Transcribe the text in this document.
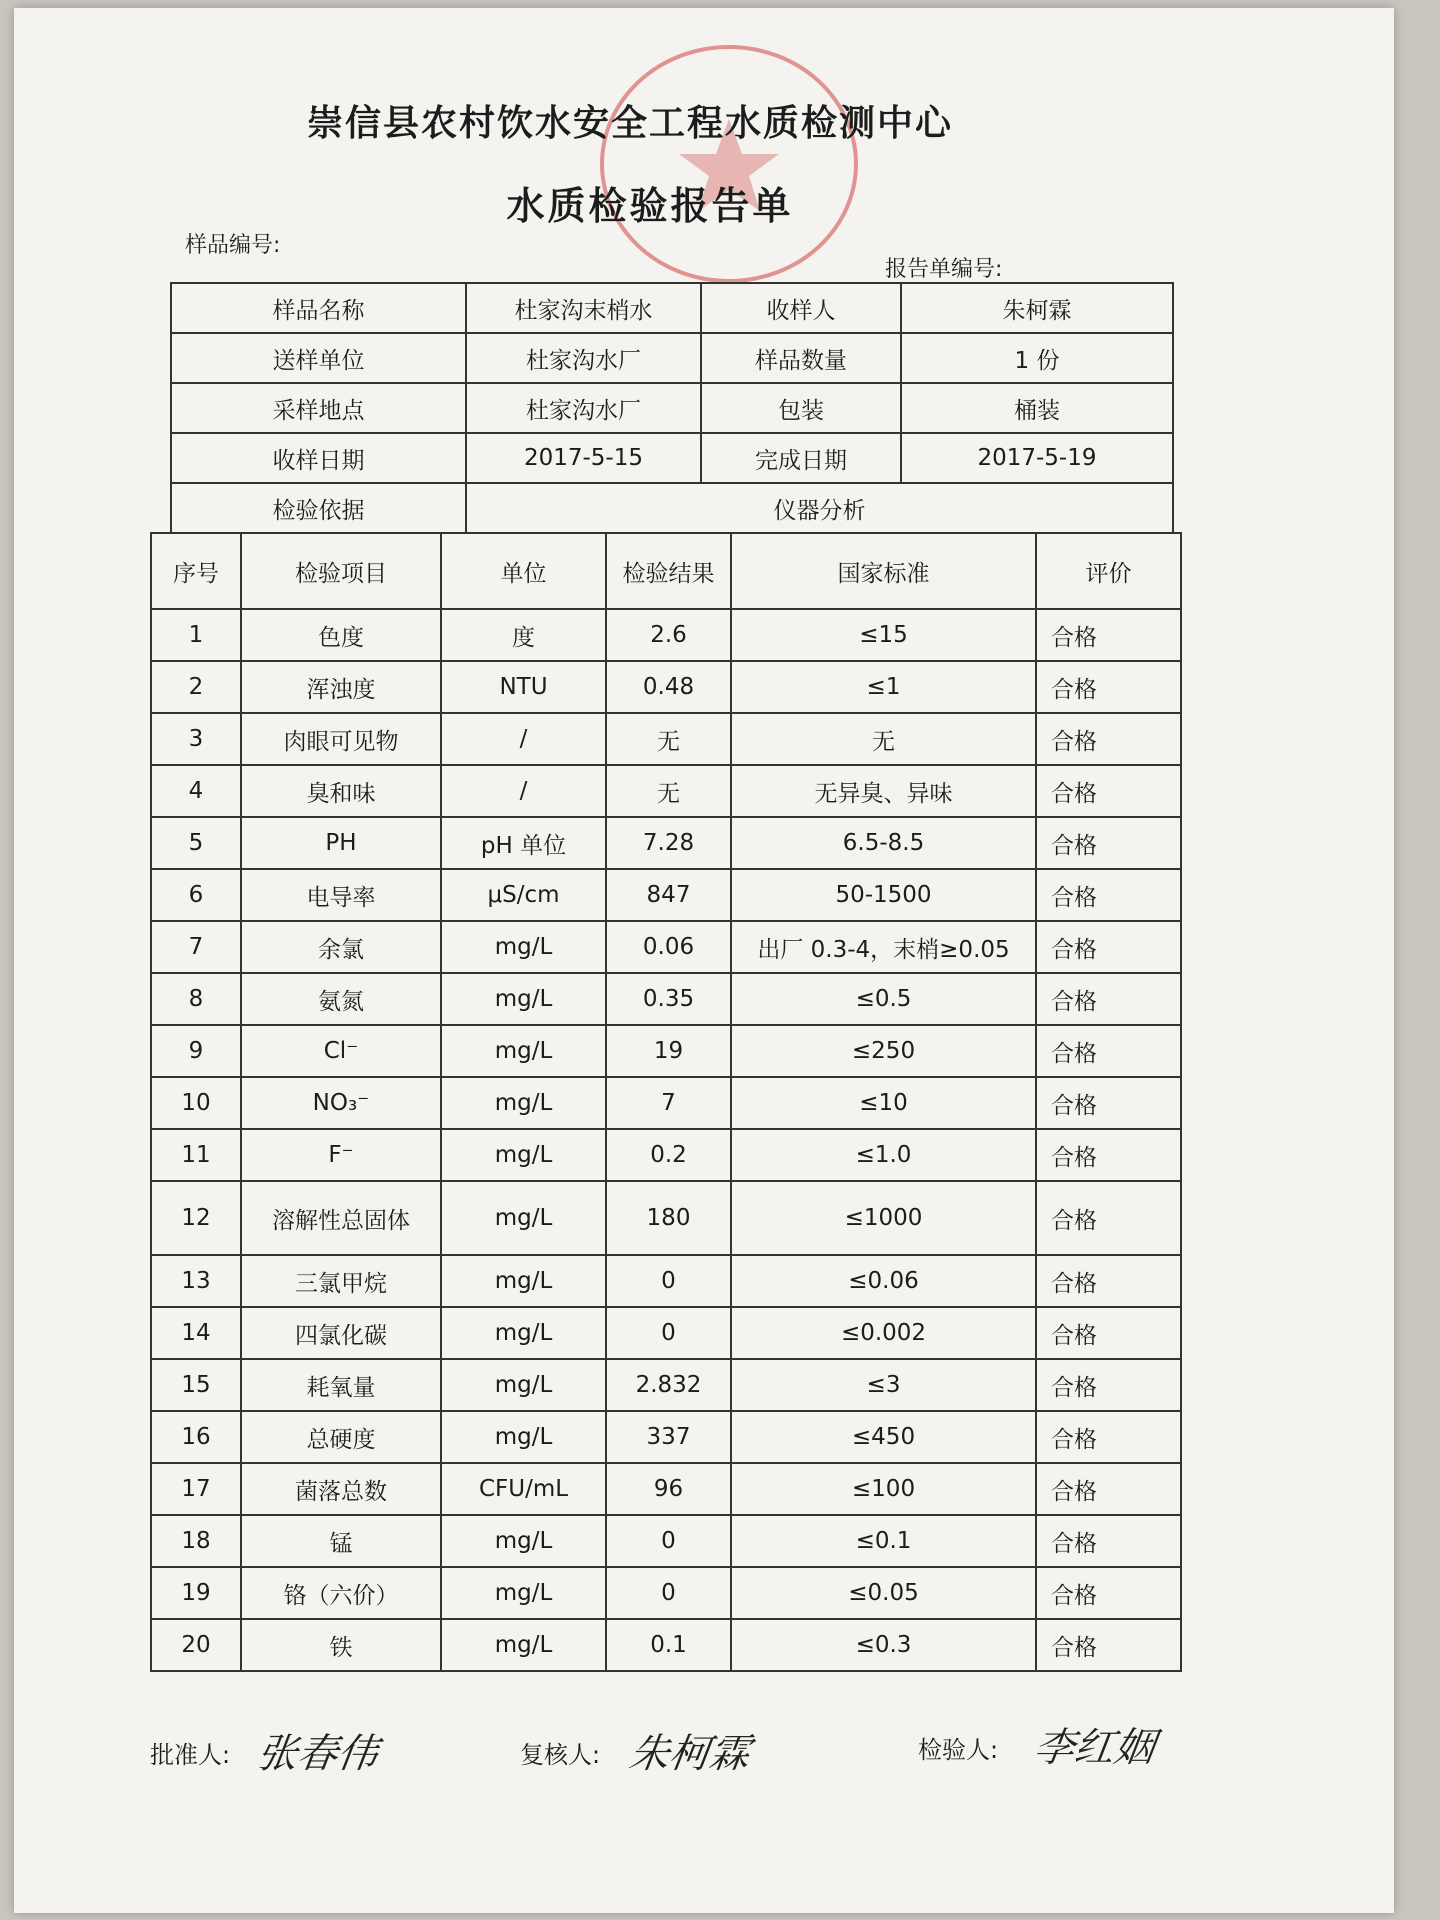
崇信县农村饮水安全工程水质检测中心
水质检验报告单
样品编号:
报告单编号:
样品名称	杜家沟末梢水	收样人	朱柯霖
送样单位	杜家沟水厂	样品数量	1 份
采样地点	杜家沟水厂	包装	桶装
收样日期	2017-5-15	完成日期	2017-5-19
检验依据	仪器分析		
序号	检验项目	单位	检验结果	国家标准	评价
1	色度	度	2.6	≤15	合格
2	浑浊度	NTU	0.48	≤1	合格
3	肉眼可见物	/	无	无	合格
4	臭和味	/	无	无异臭、异味	合格
5	PH	pH 单位	7.28	6.5-8.5	合格
6	电导率	μS/cm	847	50-1500	合格
7	余氯	mg/L	0.06	出厂 0.3-4，末梢≥0.05	合格
8	氨氮	mg/L	0.35	≤0.5	合格
9	Cl⁻	mg/L	19	≤250	合格
10	NO₃⁻	mg/L	7	≤10	合格
11	F⁻	mg/L	0.2	≤1.0	合格
12	溶解性总固体	mg/L	180	≤1000	合格
13	三氯甲烷	mg/L	0	≤0.06	合格
14	四氯化碳	mg/L	0	≤0.002	合格
15	耗氧量	mg/L	2.832	≤3	合格
16	总硬度	mg/L	337	≤450	合格
17	菌落总数	CFU/mL	96	≤100	合格
18	锰	mg/L	0	≤0.1	合格
19	铬（六价）	mg/L	0	≤0.05	合格
20	铁	mg/L	0.1	≤0.3	合格
批准人: 张春伟	复核人: 朱柯霖	检验人: 李红姻
